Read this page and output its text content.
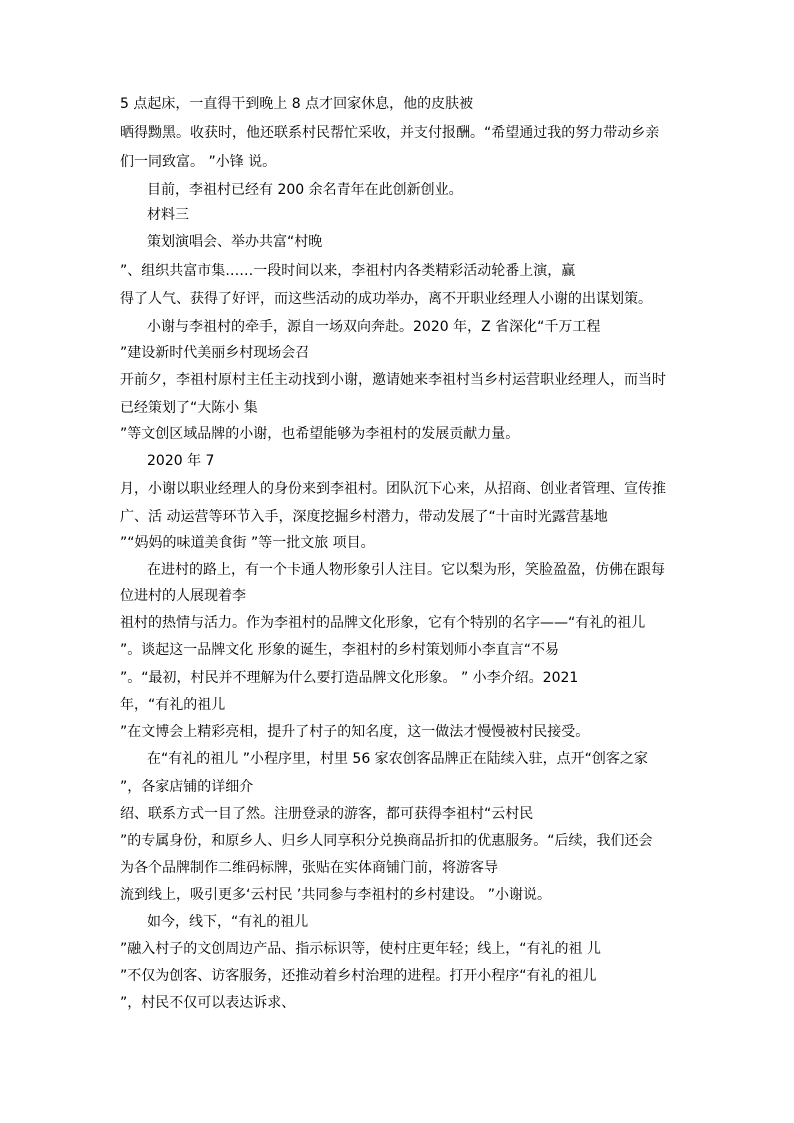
5 点起床，一直得干到晚上 8 点才回家休息，他的皮肤被
晒得黝黑。收获时，他还联系村民帮忙采收，并支付报酬。“希望通过我的努力带动乡亲
们一同致富。 ”小锋 说。
目前，李祖村已经有 200 余名青年在此创新创业。
材料三
策划演唱会、举办共富“村晚
”、组织共富市集……一段时间以来，李祖村内各类精彩活动轮番上演，赢
得了人气、获得了好评，而这些活动的成功举办，离不开职业经理人小谢的出谋划策。
小谢与李祖村的牵手，源自一场双向奔赴。2020 年，Z 省深化“千万工程
”建设新时代美丽乡村现场会召
开前夕，李祖村原村主任主动找到小谢，邀请她来李祖村当乡村运营职业经理人，而当时
已经策划了“大陈小 集
”等文创区域品牌的小谢，也希望能够为李祖村的发展贡献力量。
2020 年 7
月，小谢以职业经理人的身份来到李祖村。团队沉下心来，从招商、创业者管理、宣传推
广、活 动运营等环节入手，深度挖掘乡村潜力，带动发展了“十亩时光露营基地
”“妈妈的味道美食街 ”等一批文旅 项目。
在进村的路上，有一个卡通人物形象引人注目。它以梨为形，笑脸盈盈，仿佛在跟每
位进村的人展现着李
祖村的热情与活力。作为李祖村的品牌文化形象，它有个特别的名字——“有礼的祖儿
”。谈起这一品牌文化 形象的诞生，李祖村的乡村策划师小李直言“不易
”。“最初，村民并不理解为什么要打造品牌文化形象。 ” 小李介绍。2021
年，“有礼的祖儿
”在文博会上精彩亮相，提升了村子的知名度，这一做法才慢慢被村民接受。
在“有礼的祖儿 ”小程序里，村里 56 家农创客品牌正在陆续入驻，点开“创客之家
”，各家店铺的详细介
绍、联系方式一目了然。注册登录的游客，都可获得李祖村“云村民
”的专属身份，和原乡人、归乡人同享积分兑换商品折扣的优惠服务。“后续，我们还会
为各个品牌制作二维码标牌，张贴在实体商铺门前，将游客导
流到线上，吸引更多‘云村民 ’共同参与李祖村的乡村建设。 ”小谢说。
如今，线下，“有礼的祖儿
”融入村子的文创周边产品、指示标识等，使村庄更年轻；线上，“有礼的祖 儿
”不仅为创客、访客服务，还推动着乡村治理的进程。打开小程序“有礼的祖儿
”，村民不仅可以表达诉求、
